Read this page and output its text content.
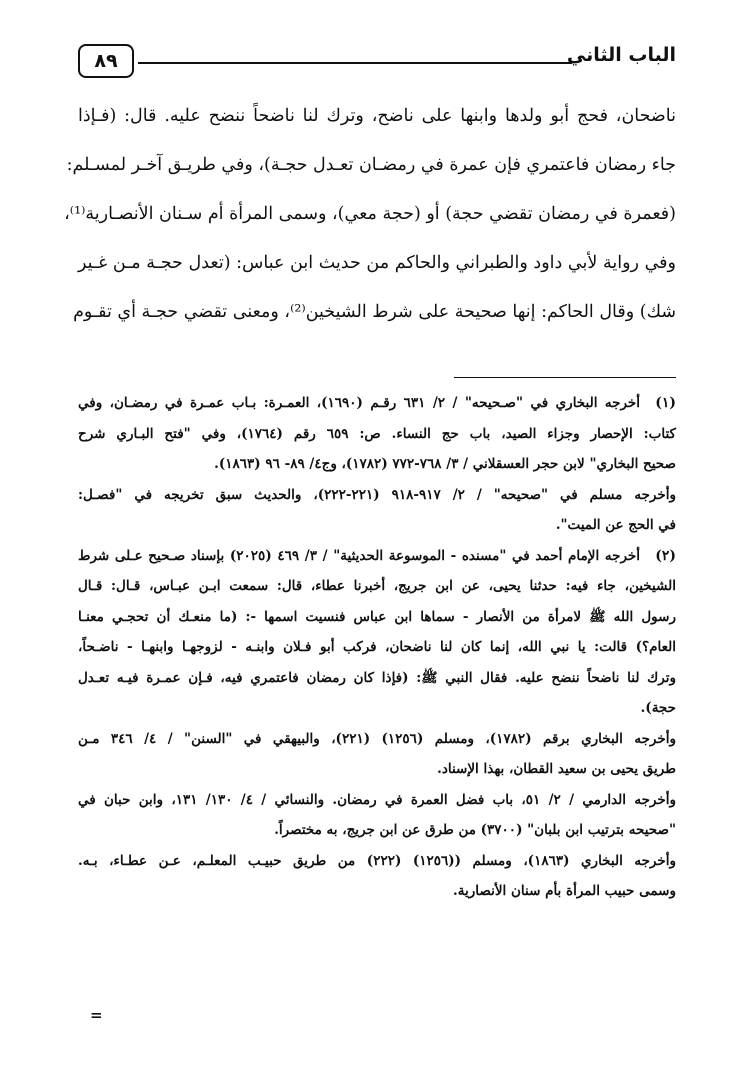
الباب الثاني
٨٩
ناضحان، فحج أبو ولدها وابنها على ناضح، وترك لنا ناضحاً ننضح عليه. قال: (فـإذا
جاء رمضان فاعتمري فإن عمرة في رمضـان تعـدل حجـة)، وفي طريـق آخـر لمسـلم:
(فعمرة في رمضان تقضي حجة) أو (حجة معي)، وسمى المرأة أم سـنان الأنصـارية⁽¹⁾،
وفي رواية لأبي داود والطبراني والحاكم من حديث ابن عباس: (تعدل حجـة مـن غـير
شك) وقال الحاكم: إنها صحيحة على شرط الشيخين⁽²⁾، ومعنى تقضي حجـة أي تقـوم
(١)
أخرجه البخاري في "صـحيحه" / ٢/ ٦٣١ رقـم (١٦٩٠)، العمـرة: بـاب عمـرة في رمضـان، وفي
كتاب: الإحصار وجزاء الصيد، باب حج النساء. ص: ٦٥٩ رقم (١٧٦٤)، وفي "فتح البـاري شرح
صحيح البخاري" لابن حجر العسقلاني / ٣/ ٧٦٨-٧٧٢ (١٧٨٢)، وج٤/ ٨٩- ٩٦ (١٨٦٣).
وأخرجه مسلم في "صحيحه" / ٢/ ٩١٧-٩١٨ (٢٢١-٢٢٢)، والحديث سبق تخريجه في "فصـل:
في الحج عن الميت".
(٢)
أخرجه الإمام أحمد في "مسنده - الموسوعة الحديثية" / ٣/ ٤٦٩ (٢٠٢٥) بإسناد صـحيح عـلى شرط
الشيخين، جاء فيه: حدثنا يحيى، عن ابن جريج، أخبرنا عطاء، قال: سمعت ابـن عبـاس، قـال: قـال
رسول الله ﷺ لامرأة من الأنصار - سماها ابن عباس فنسيت اسمها -: (ما منعـك أن تحجـي معنـا
العام؟) قالت: يا نبي الله، إنما كان لنا ناضحان، فركب أبو فـلان وابنـه - لزوجهـا وابنهـا - ناضـحاً،
وترك لنا ناضحاً ننضح عليه. فقال النبي ﷺ: (فإذا كان رمضان فاعتمري فيه، فـإن عمـرة فيـه تعـدل
حجة).
وأخرجه البخاري برقم (١٧٨٢)، ومسلم (١٢٥٦) (٢٢١)، والبيهقي في "السنن" / ٤/ ٣٤٦ مـن
طريق يحيى بن سعيد القطان، بهذا الإسناد.
وأخرجه الدارمي / ٢/ ٥١، باب فضل العمرة في رمضان. والنسائي / ٤/ ١٣٠/ ١٣١، وابن حبان في
"صحيحه بترتيب ابن بلبان" (٣٧٠٠) من طرق عن ابن جريج، به مختصراً.
وأخرجه البخاري (١٨٦٣)، ومسلم ((١٢٥٦) (٢٢٢) من طريق حبيـب المعلـم، عـن عطـاء، بـه.
وسمى حبيب المرأة بأم سنان الأنصارية.
=
